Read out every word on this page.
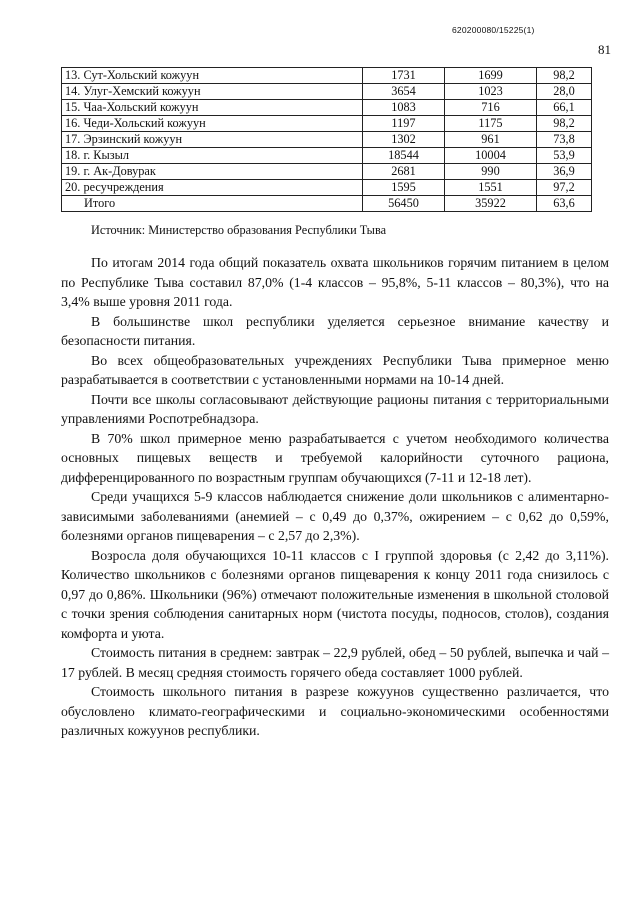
620200080/15225(1)
81
13. Сут-Хольский кожуун	1731	1699	98,2
14. Улуг-Хемский кожуун	3654	1023	28,0
15. Чаа-Хольский кожуун	1083	716	66,1
16. Чеди-Хольский кожуун	1197	1175	98,2
17. Эрзинский кожуун	1302	961	73,8
18. г. Кызыл	18544	10004	53,9
19. г. Ак-Довурак	2681	990	36,9
20. ресучреждения	1595	1551	97,2
Итого	56450	35922	63,6
Источник: Министерство образования Республики Тыва

По итогам 2014 года общий показатель охвата школьников горячим питанием в целом по Республике Тыва составил 87,0% (1-4 классов – 95,8%, 5-11 классов – 80,3%), что на 3,4% выше уровня 2011 года.

В большинстве школ республики уделяется серьезное внимание качеству и безопасности питания.

Во всех общеобразовательных учреждениях Республики Тыва примерное меню разрабатывается в соответствии с установленными нормами на 10-14 дней.

Почти все школы согласовывают действующие рационы питания с территориальными управлениями Роспотребнадзора.

В 70% школ примерное меню разрабатывается с учетом необходимого количества основных пищевых веществ и требуемой калорийности суточного рациона, дифференцированного по возрастным группам обучающихся (7-11 и 12-18 лет).

Среди учащихся 5-9 классов наблюдается снижение доли школьников с алиментарно-зависимыми заболеваниями (анемией – с 0,49 до 0,37%, ожирением – с 0,62 до 0,59%, болезнями органов пищеварения – с 2,57 до 2,3%).

Возросла доля обучающихся 10-11 классов с I группой здоровья (с 2,42 до 3,11%). Количество школьников с болезнями органов пищеварения к концу 2011 года снизилось с 0,97 до 0,86%. Школьники (96%) отмечают положительные изменения в школьной столовой с точки зрения соблюдения санитарных норм (чистота посуды, подносов, столов), создания комфорта и уюта.

Стоимость питания в среднем: завтрак – 22,9 рублей, обед – 50 рублей, выпечка и чай – 17 рублей. В месяц средняя стоимость горячего обеда составляет 1000 рублей.

Стоимость школьного питания в разрезе кожуунов существенно различается, что обусловлено климато-географическими и социально-экономическими особенностями различных кожуунов республики.
